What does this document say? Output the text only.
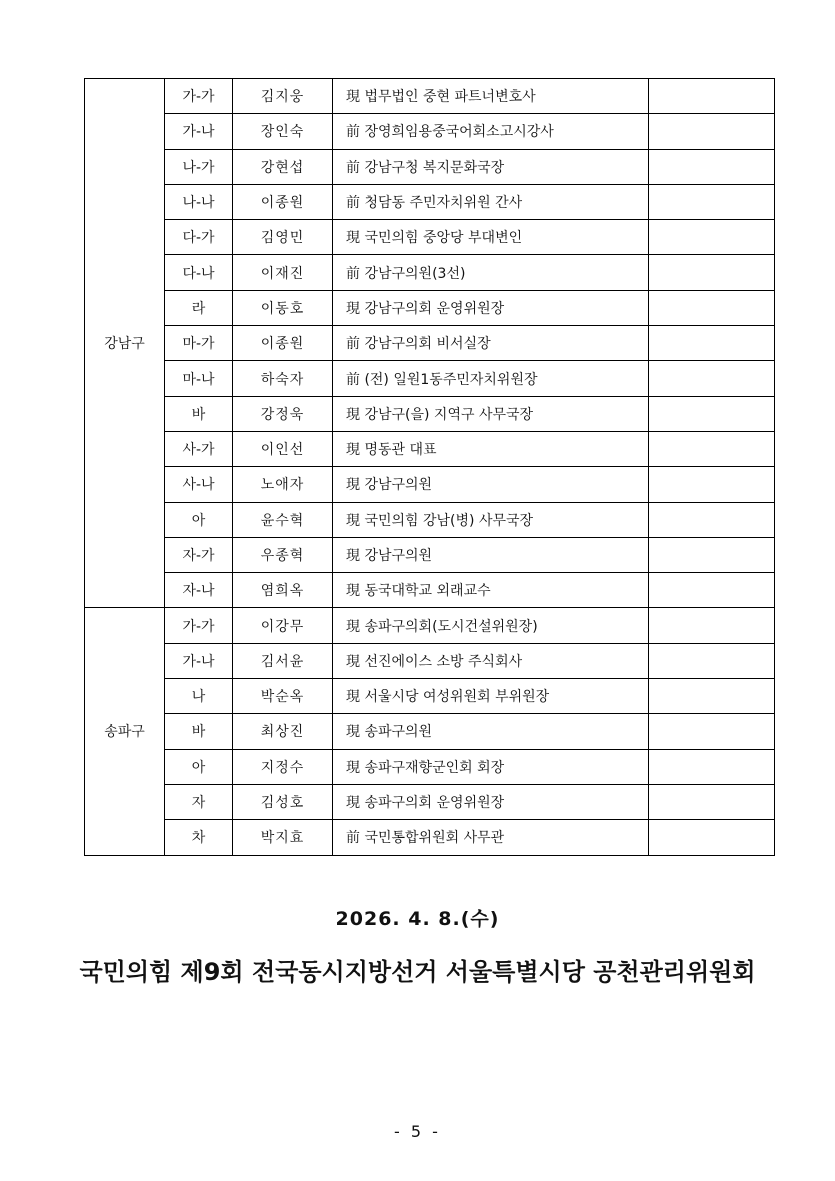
강남구	가-가	김지웅	現 법무법인 중현 파트너변호사	
	가-나	장인숙	前 장영희임용중국어회소고시강사	
	나-가	강현섭	前 강남구청 복지문화국장	
	나-나	이종원	前 청담동 주민자치위원 간사	
	다-가	김영민	現 국민의힘 중앙당 부대변인	
	다-나	이재진	前 강남구의원(3선)	
	라	이동호	現 강남구의회 운영위원장	
	마-가	이종원	前 강남구의회 비서실장	
	마-나	하숙자	前 (전) 일원1동주민자치위원장	
	바	강정욱	現 강남구(을) 지역구 사무국장	
	사-가	이인선	現 명동관 대표	
	사-나	노애자	現 강남구의원	
	아	윤수혁	現 국민의힘 강남(병) 사무국장	
	자-가	우종혁	現 강남구의원	
	자-나	염희옥	現 동국대학교 외래교수	
송파구	가-가	이강무	現 송파구의회(도시건설위원장)	
	가-나	김서윤	現 선진에이스 소방 주식회사	
	나	박순옥	現 서울시당 여성위원회 부위원장	
	바	최상진	現 송파구의원	
	아	지정수	現 송파구재향군인회 회장	
	자	김성호	現 송파구의회 운영위원장	
	차	박지효	前 국민통합위원회 사무관	
2026. 4. 8.(수)
국민의힘 제9회 전국동시지방선거 서울특별시당 공천관리위원회
- 5 -
